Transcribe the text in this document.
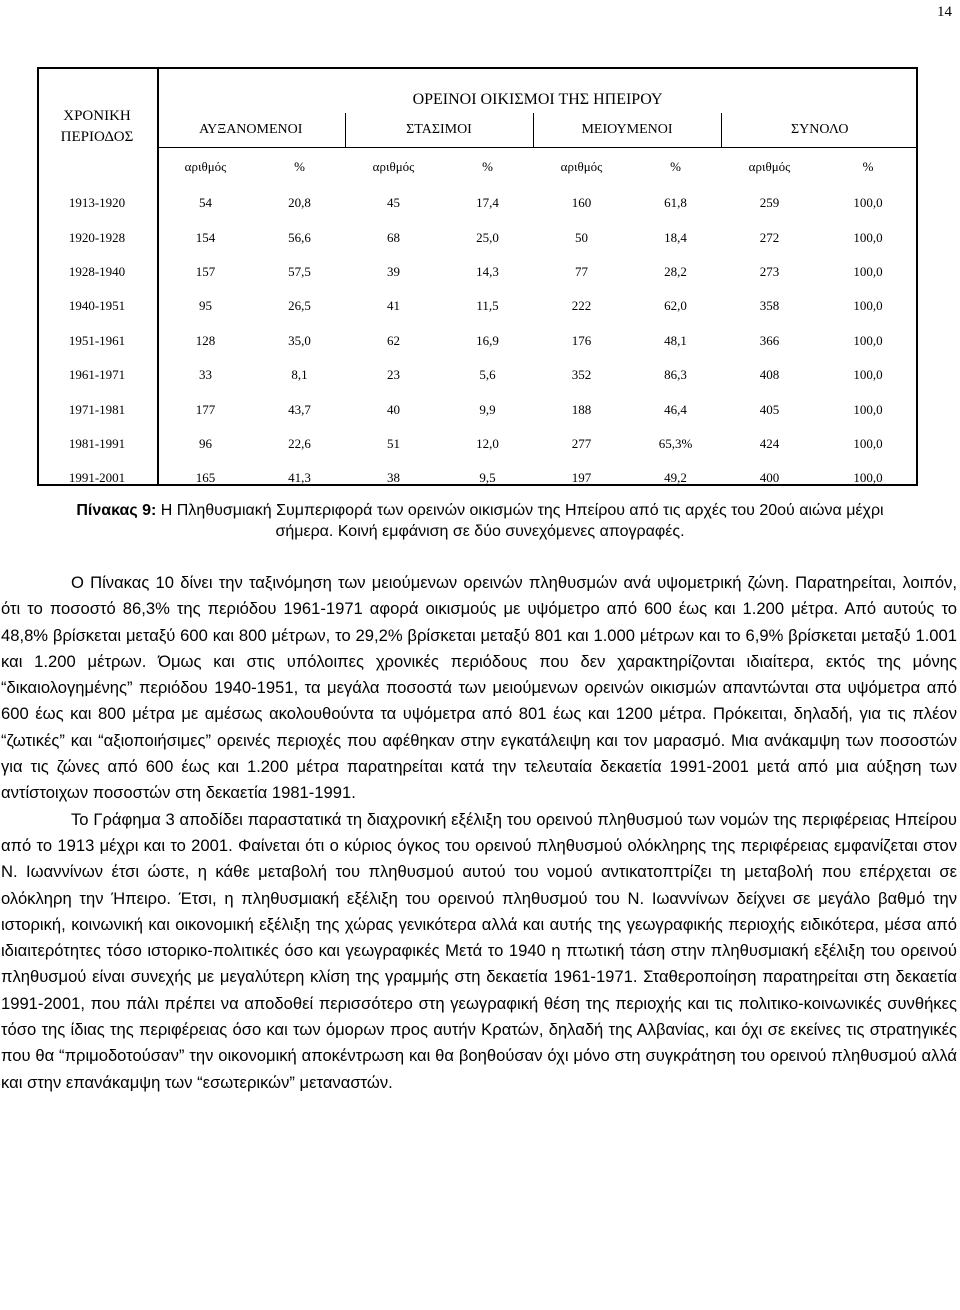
14
ΧΡΟΝΙΚΗ
ΠΕΡΙΟΔΟΣ	ΟΡΕΙΝΟΙ ΟΙΚΙΣΜΟΙ ΤΗΣ ΗΠΕΙΡΟΥ							
	ΑΥΞΑΝΟΜΕΝΟΙ		ΣΤΑΣΙΜΟΙ		ΜΕΙΟΥΜΕΝΟΙ		ΣΥΝΟΛΟ	
	αριθμός	%	αριθμός	%	αριθμός	%	αριθμός	%
1913-1920	54	20,8	45	17,4	160	61,8	259	100,0
1920-1928	154	56,6	68	25,0	50	18,4	272	100,0
1928-1940	157	57,5	39	14,3	77	28,2	273	100,0
1940-1951	95	26,5	41	11,5	222	62,0	358	100,0
1951-1961	128	35,0	62	16,9	176	48,1	366	100,0
1961-1971	33	8,1	23	5,6	352	86,3	408	100,0
1971-1981	177	43,7	40	9,9	188	46,4	405	100,0
1981-1991	96	22,6	51	12,0	277	65,3%	424	100,0
1991-2001	165	41,3	38	9,5	197	49,2	400	100,0
Πίνακας 9: Η Πληθυσμιακή Συμπεριφορά των ορεινών οικισμών της Ηπείρου από τις αρχές του 20ού αιώνα μέχρι
σήμερα. Κοινή εμφάνιση σε δύο συνεχόμενες απογραφές.

Ο Πίνακας 10 δίνει την ταξινόμηση των μειούμενων ορεινών πληθυσμών ανά υψομετρική ζώνη. Παρατηρείται, λοιπόν, ότι το ποσοστό 86,3% της περιόδου 1961-1971 αφορά οικισμούς με υψόμετρο από 600 έως και 1.200 μέτρα. Από αυτούς το 48,8% βρίσκεται μεταξύ 600 και 800 μέτρων, το 29,2% βρίσκεται μεταξύ 801 και 1.000 μέτρων και το 6,9% βρίσκεται μεταξύ 1.001 και 1.200 μέτρων. Όμως και στις υπόλοιπες χρονικές περιόδους που δεν χαρακτηρίζονται ιδιαίτερα, εκτός της μόνης “δικαιολογημένης” περιόδου 1940-1951, τα μεγάλα ποσοστά των μειούμενων ορεινών οικισμών απαντώνται στα υψόμετρα από 600 έως και 800 μέτρα με αμέσως ακολουθούντα τα υψόμετρα από 801 έως και 1200 μέτρα. Πρόκειται, δηλαδή, για τις πλέον “ζωτικές” και “αξιοποιήσιμες” ορεινές περιοχές που αφέθηκαν στην εγκατάλειψη και τον μαρασμό. Μια ανάκαμψη των ποσοστών για τις ζώνες από 600 έως και 1.200 μέτρα παρατηρείται κατά την τελευταία δεκαετία 1991-2001 μετά από μια αύξηση των αντίστοιχων ποσοστών στη δεκαετία 1981-1991.

Το Γράφημα 3 αποδίδει παραστατικά τη διαχρονική εξέλιξη του ορεινού πληθυσμού των νομών της περιφέρειας Ηπείρου από το 1913 μέχρι και το 2001. Φαίνεται ότι ο κύριος όγκος του ορεινού πληθυσμού ολόκληρης της περιφέρειας εμφανίζεται στον Ν. Ιωαννίνων έτσι ώστε, η κάθε μεταβολή του πληθυσμού αυτού του νομού αντικατοπτρίζει τη μεταβολή που επέρχεται σε ολόκληρη την Ήπειρο. Έτσι, η πληθυσμιακή εξέλιξη του ορεινού πληθυσμού του Ν. Ιωαννίνων δείχνει σε μεγάλο βαθμό την ιστορική, κοινωνική και οικονομική εξέλιξη της χώρας γενικότερα αλλά και αυτής της γεωγραφικής περιοχής ειδικότερα, μέσα από ιδιαιτερότητες τόσο ιστορικο-πολιτικές όσο και γεωγραφικές Μετά το 1940 η πτωτική τάση στην πληθυσμιακή εξέλιξη του ορεινού πληθυσμού είναι συνεχής με μεγαλύτερη κλίση της γραμμής στη δεκαετία 1961-1971. Σταθεροποίηση παρατηρείται στη δεκαετία 1991-2001, που πάλι πρέπει να αποδοθεί περισσότερο στη γεωγραφική θέση της περιοχής και τις πολιτικο-κοινωνικές συνθήκες τόσο της ίδιας της περιφέρειας όσο και των όμορων προς αυτήν Κρατών, δηλαδή της Αλβανίας, και όχι σε εκείνες τις στρατηγικές που θα “πριμοδοτούσαν” την οικονομική αποκέντρωση και θα βοηθούσαν όχι μόνο στη συγκράτηση του ορεινού πληθυσμού αλλά και στην επανάκαμψη των “εσωτερικών” μεταναστών.
